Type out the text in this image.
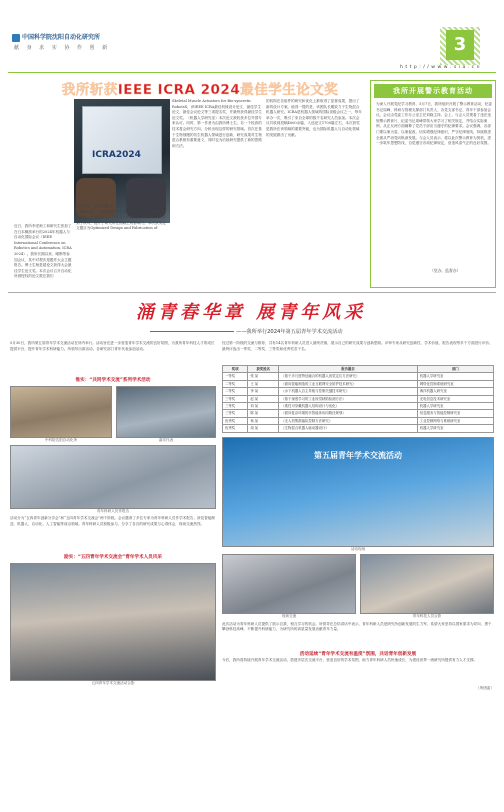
中国科学院沈阳自动化研究所
献 身 求 实 协 作 创 新	3
h t t p : / / w w w . s i a . c n
我所斩获IEEE ICRA 2024最佳学生论文奖
ICRA2024
近日，我所李老师工和研究生张加了在日本横滨举行的2024年机器人与自动化国际会议（IEEE International Conference on Robotics and Automation, ICRA 2024）。我所长期以来，瞄断等参加会议，其中对观庆是题作大会主题报告。博士生杨是超论文获得大会最佳学生论文奖。本次会议召开自动化所被授权的论文数在我们
会有国人、手术机器人、康复机器人、工业自动化等方面的最新成果。对遥控和仿生机器人研究方面位于我国及国际前沿。本届会议上，获奖者在机器人领域的研究成果得到了认可，提升了研究所在国际上的影响力。本次获奖论文题目为Optimized Design and Fabrication of
Skeletal Muscle Actuators for Bio-syncretic RobotsX，该IEEE ICRA最佳机械设计论文、最佳学生论文、最佳会议论文等三项提名奖，并最终获得最佳学生论文奖。（机器人学研究室）本次论文被收获多位外国专家认可。同时，第一作者为由我所博士生。另一个较高的技术将会研究方向，分析出现这样的研究领域。首次在基于生物细胞的仿生机器人领域进行创新，研究成果对生物混合系统有重要意义，同时也为后续研究提供了新的思路和方法。
的机构在各组件的研究和优化上都取得了显著成果，提出了新的设计方案。值得一提的是，该团队长期致力于生物混合机器人研究。ICRA是机器人领域的国际顶级会议之一，每年举办一次，吸引了来自全球的数千名研究人员参加。本次会议共收到投稿4000余篇，入选论文1700篇左右，本次获奖是我所在该领域的重要突破，也为国际机器人与自动化领域的发展做出了贡献。
我所开展警示教育活动
为深入开展党纪学习教育，5月7日，我所组织开展了警示教育活动，纪委书记周峰、科研与管理支撑部门负责人、各党支部书记、青年干部参加会议。会议由党委工作办公室主任刘晓主持。会上，与会人员观看了违法违规警示教育片，纪委书记周峰带领大家学习了相关规定，并结合实际案例，从正反两方面阐释了党员干部应当遵守的纪律要求。会议强调，各部门要以案为鉴、以案促改，切实增强纪律意识，严守纪律底线，持续推进全面从严治党向纵深发展。与会人员表示，将以此次警示教育为契机，进一步筑牢思想防线，自觉遵守各项纪律规定，营造风清气正的良好氛围。
（党办、监督办）
涌青春华章 展青年风采
——我所举行2024年第五届青年学术交流活动
5月30日，我所第五届青年学术交流活动在所内举行。活动旨在进一步营造青年学术交流的良好氛围，为我所青年科技人才的成长提供平台，提升青年学术科研能力。所领导出席活动，各研究部门青年代表参加活动。
惟实：“共同学术交流”系列学术活动
中科院沈阳自动化所	嘉宾代表
青年科研人员作报告
活动分为“五四青年创新分享会”和“五四青年学术交流会”两个阶段。会议邀请了多位专家为青年科研人员作学术报告，涉及智能制造、机器人、自动化、人工智能等前沿领域。青年科研人员积极参与，分享了各自的研究成果与心得体会，现场交流热烈。
励实：“五四青年学术交流会”青年学术人员风采
五四青年学术交流活动合影
经过第一阶段的交流与推荐，共有14名青年科研人员进入最终决赛，展示自己的研究成果与创新思路。评审专家从研究创新性、学术价值、报告表现等多个方面进行评价。最终评选出一等奖、二等奖、三等奖和优秀奖若干名。
奖项	获奖姓名	报告题目	部门
一等奖	张 某	《基于多尺度特征融合的机器人视觉定位方法研究》	机器人学研究室
二等奖	王 某	《面向智能制造的工业互联网安全防护技术研究》	网络化控制系统研究室
二等奖	李 某	《水下机器人自主导航与控制关键技术研究》	海洋机器人研究室
三等奖	赵 某	《基于深度学习的工业视觉缺陷检测方法》	光电信息技术研究室
三等奖	刘 某	《柔性可穿戴机器人结构设计与优化》	机器人学研究室
三等奖	陈 某	《面向复杂环境的多智能体协同路径规划》	信息服务与智能控制研究室
优秀奖	杨 某	《无人机集群编队控制方法研究》	工业控制网络与系统研究室
优秀奖	周 某	《生物混合机器人驱动器设计》	机器人学研究室
第五届青年学术交流活动
活动现场
现场交流	青年科技人员合影
此次活动为青年科研人员提供了展示自我、相互学习的机会。所领导在总结讲话中表示，青年科研人员是研究所创新发展的生力军，希望大家坚持以国家需求为导向，勇于攀登科技高峰，不断提升科研能力，为研究所的高质量发展贡献青年力量。
活动延续“青年学术交流有温度”氛围，共话青年创新发展
今后，我所将持续开展青年学术交流活动，搭建多层次交流平台，营造良好的学术氛围，助力青年科研人员快速成长，为建设世界一流研究所提供有力人才支撑。
（所团委）
